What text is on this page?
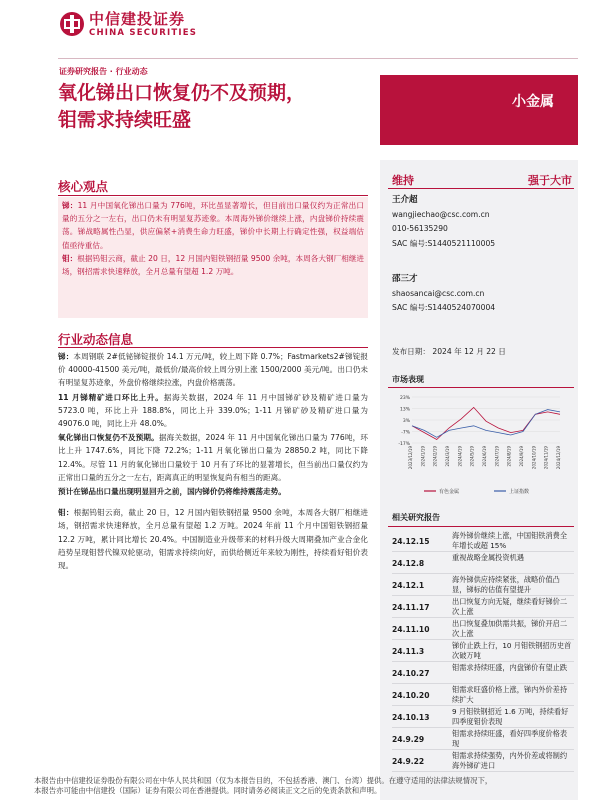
中信建投证券
CHINA SECURITIES
证券研究报告 · 行业动态
氧化锑出口恢复仍不及预期，
钼需求持续旺盛
小金属
核心观点

锑：11 月中国氧化锑出口量为 776吨，环比虽显著增长，但目前出口量仅约为正常出口量的五分之一左右，出口仍未有明显复苏迹象。本周海外锑价继续上涨，内盘锑价持续震荡。锑战略属性凸显，供应偏紧+消费生命力旺盛，锑价中长期上行确定性强，权益端估值亟待重估。

钼：根据钨钼云商，截止 20 日，12 月国内钼铁钢招量 9500 余吨，本周各大钢厂相继进场，钢招需求快速释放，全月总量有望超 1.2 万吨。

行业动态信息

锑：本周钢联 2#低铋锑锭报价 14.1 万元/吨，较上周下降 0.7%；Fastmarkets2#锑锭报价 40000-41500 美元/吨，最低价/最高价较上周分别上涨 1500/2000 美元/吨。出口仍未有明显复苏迹象，外盘价格继续拉涨，内盘价格震荡。

11 月锑精矿进口环比上升。据海关数据，2024 年 11 月中国锑矿砂及精矿进口量为 5723.0 吨，环比上升 188.8%，同比上升 339.0%；1-11 月锑矿砂及精矿进口量为 49076.0 吨，同比上升 48.0%。

氧化锑出口恢复仍不及预期。据海关数据，2024 年 11 月中国氧化锑出口量为 776吨，环比上升 1747.6%，同比下降 72.2%；1-11 月氧化锑出口量为 28850.2 吨，同比下降 12.4%。尽管 11 月的氧化锑出口量较于 10 月有了环比的显著增长，但当前出口量仅约为正常出口量的五分之一左右，距离真正的明显恢复尚有相当的距离。

预计在锑品出口量出现明显回升之前，国内锑价仍将维持震荡走势。

钼：根据钨钼云商，截止 20 日，12 月国内钼铁钢招量 9500 余吨，本周各大钢厂相继进场，钢招需求快速释放，全月总量有望超 1.2 万吨。2024 年前 11 个月中国钼铁钢招量 12.2 万吨，累计同比增长 20.4%。中国制造业升级带来的材料升级大周期叠加产业合金化趋势呈现钼替代镍双轮驱动，钼需求持续向好，而供给侧近年来较为刚性，持续看好钼价表现。

维持	强于大市
王介超
wangjiechao@csc.com.cn
010-56135290
SAC 编号:S1440521110005
邵三才
shaosancai@csc.com.cn
SAC 编号:S1440524070004
发布日期： 2024 年 12 月 22 日
市场表现
23%
13%
3%
-7%
-17%
2023/12/19 2024/1/19 2024/2/19 2024/3/19 2024/4/19 2024/5/19 2024/6/19 2024/7/19 2024/8/19 2024/9/19 2024/10/19 2024/11/19 2024/12/19
有色金属	上证指数
相关研究报告
24.12.15
海外锑价继续上涨，中国钼铁消费全年增长或超 15%
24.12.8
重视战略金属投资机遇
24.12.1
海外锑供应持续紧张，战略价值凸显，锑标的估值有望提升
24.11.17
出口恢复方向无疑，继续看好锑价二次上涨
24.11.10
出口恢复叠加供需共振，锑价开启二次上涨
24.11.3
锑价止跌上行，10 月钼铁钢招历史首次破万吨
24.10.27
钼需求持续旺盛，内盘锑价有望止跌
24.10.20
钼需求旺盛价格上涨，锑内外价差持续扩大
24.10.13
9 月钼铁钢招近 1.6 万吨，持续看好四季度钼价表现
24.9.29
钼需求持续旺盛，看好四季度价格表现
24.9.22
钼需求持续强势，内外价差或将制约海外锑矿进口
本报告由中信建投证券股份有限公司在中华人民共和国（仅为本报告目的，不包括香港、澳门、台湾）提供。在遵守适用的法律法规情况下，
本报告亦可能由中信建投（国际）证券有限公司在香港提供。同时请务必阅读正文之后的免责条款和声明。
